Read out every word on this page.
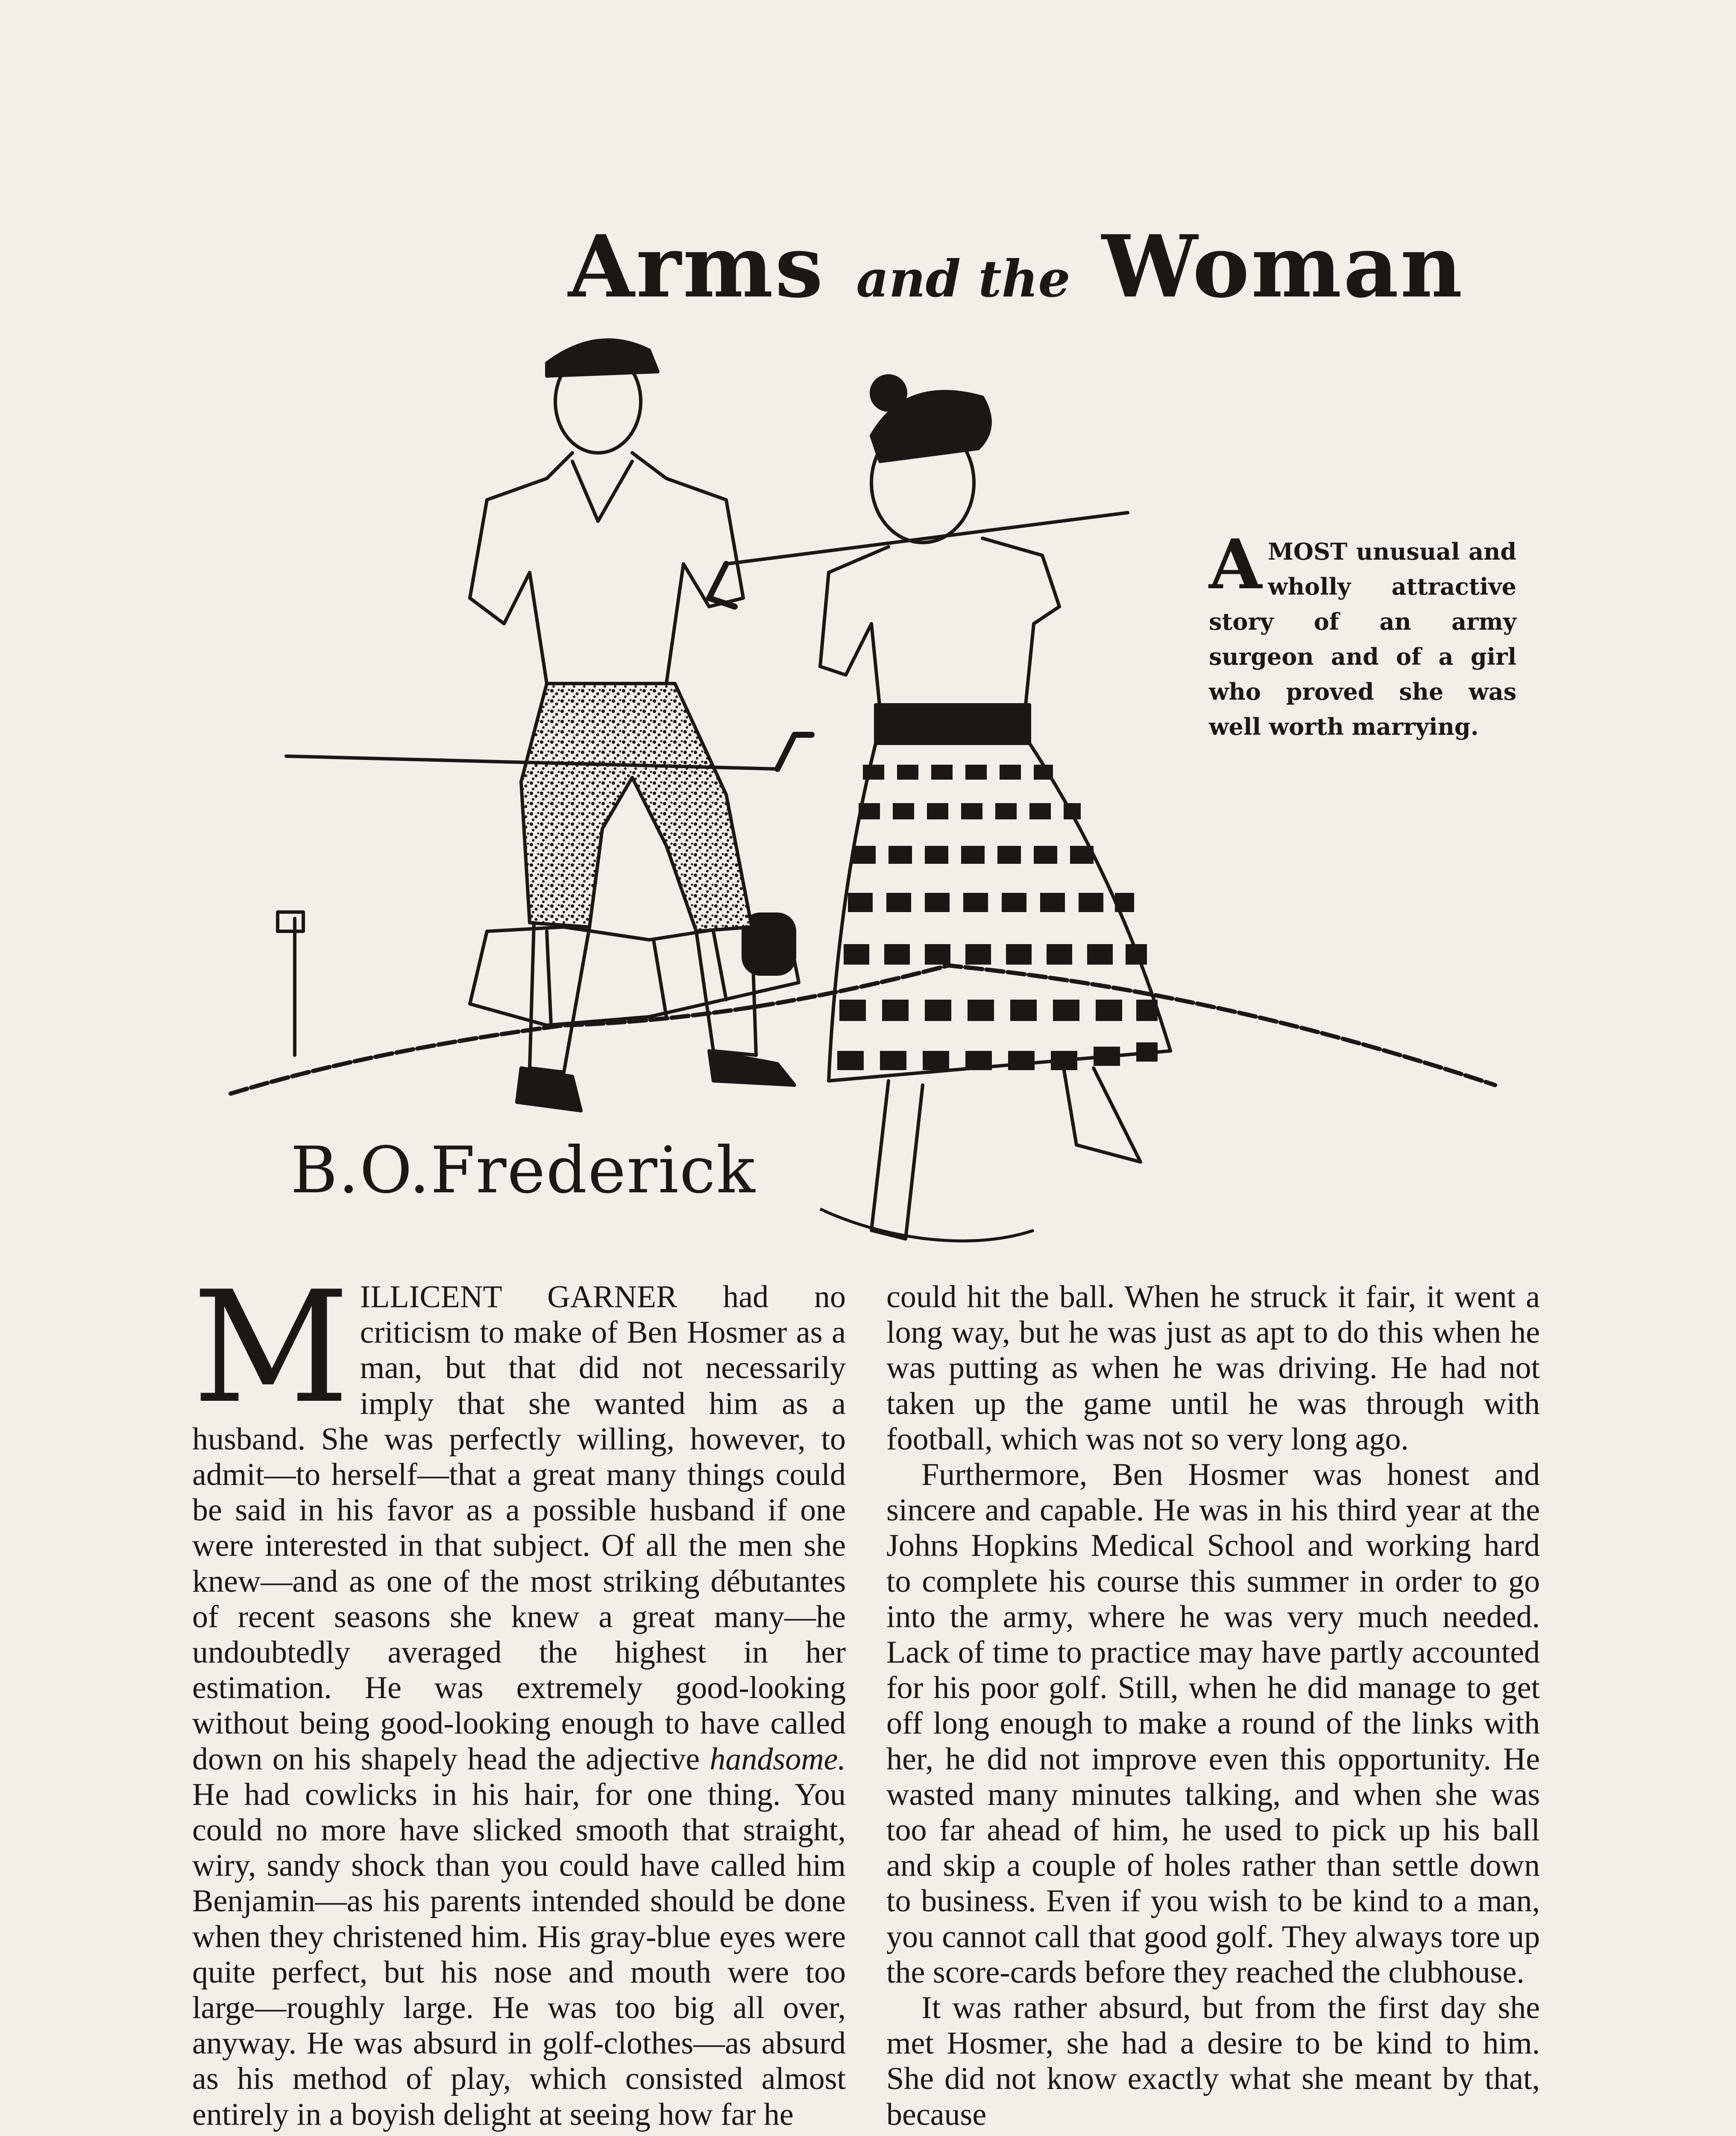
Arms and the Woman
AMOST unusual and wholly attractive story of an army surgeon and of a girl who proved she was well worth marrying.
B.O.Frederick

MILLICENT GARNER had no criticism to make of Ben Hosmer as a man, but that did not necessarily imply that she wanted him as a husband. She was perfectly willing, however, to admit—to herself—that a great many things could be said in his favor as a possible husband if one were interested in that subject. Of all the men she knew—and as one of the most striking débutantes of recent seasons she knew a great many—he undoubtedly averaged the highest in her estimation. He was extremely good-looking without being good-looking enough to have called down on his shapely head the adjective handsome. He had cowlicks in his hair, for one thing. You could no more have slicked smooth that straight, wiry, sandy shock than you could have called him Benjamin—as his parents intended should be done when they christened him. His gray-blue eyes were quite perfect, but his nose and mouth were too large—roughly large. He was too big all over, anyway. He was absurd in golf-clothes—as absurd as his method of play, which consisted almost entirely in a boyish delight at seeing how far he

could hit the ball. When he struck it fair, it went a long way, but he was just as apt to do this when he was putting as when he was driving. He had not taken up the game until he was through with football, which was not so very long ago.

Furthermore, Ben Hosmer was honest and sincere and capable. He was in his third year at the Johns Hopkins Medical School and working hard to complete his course this summer in order to go into the army, where he was very much needed. Lack of time to practice may have partly accounted for his poor golf. Still, when he did manage to get off long enough to make a round of the links with her, he did not improve even this opportunity. He wasted many minutes talking, and when she was too far ahead of him, he used to pick up his ball and skip a couple of holes rather than settle down to business. Even if you wish to be kind to a man, you cannot call that good golf. They always tore up the score-cards before they reached the clubhouse.

It was rather absurd, but from the first day she met Hosmer, she had a desire to be kind to him. She did not know exactly what she meant by that, because
